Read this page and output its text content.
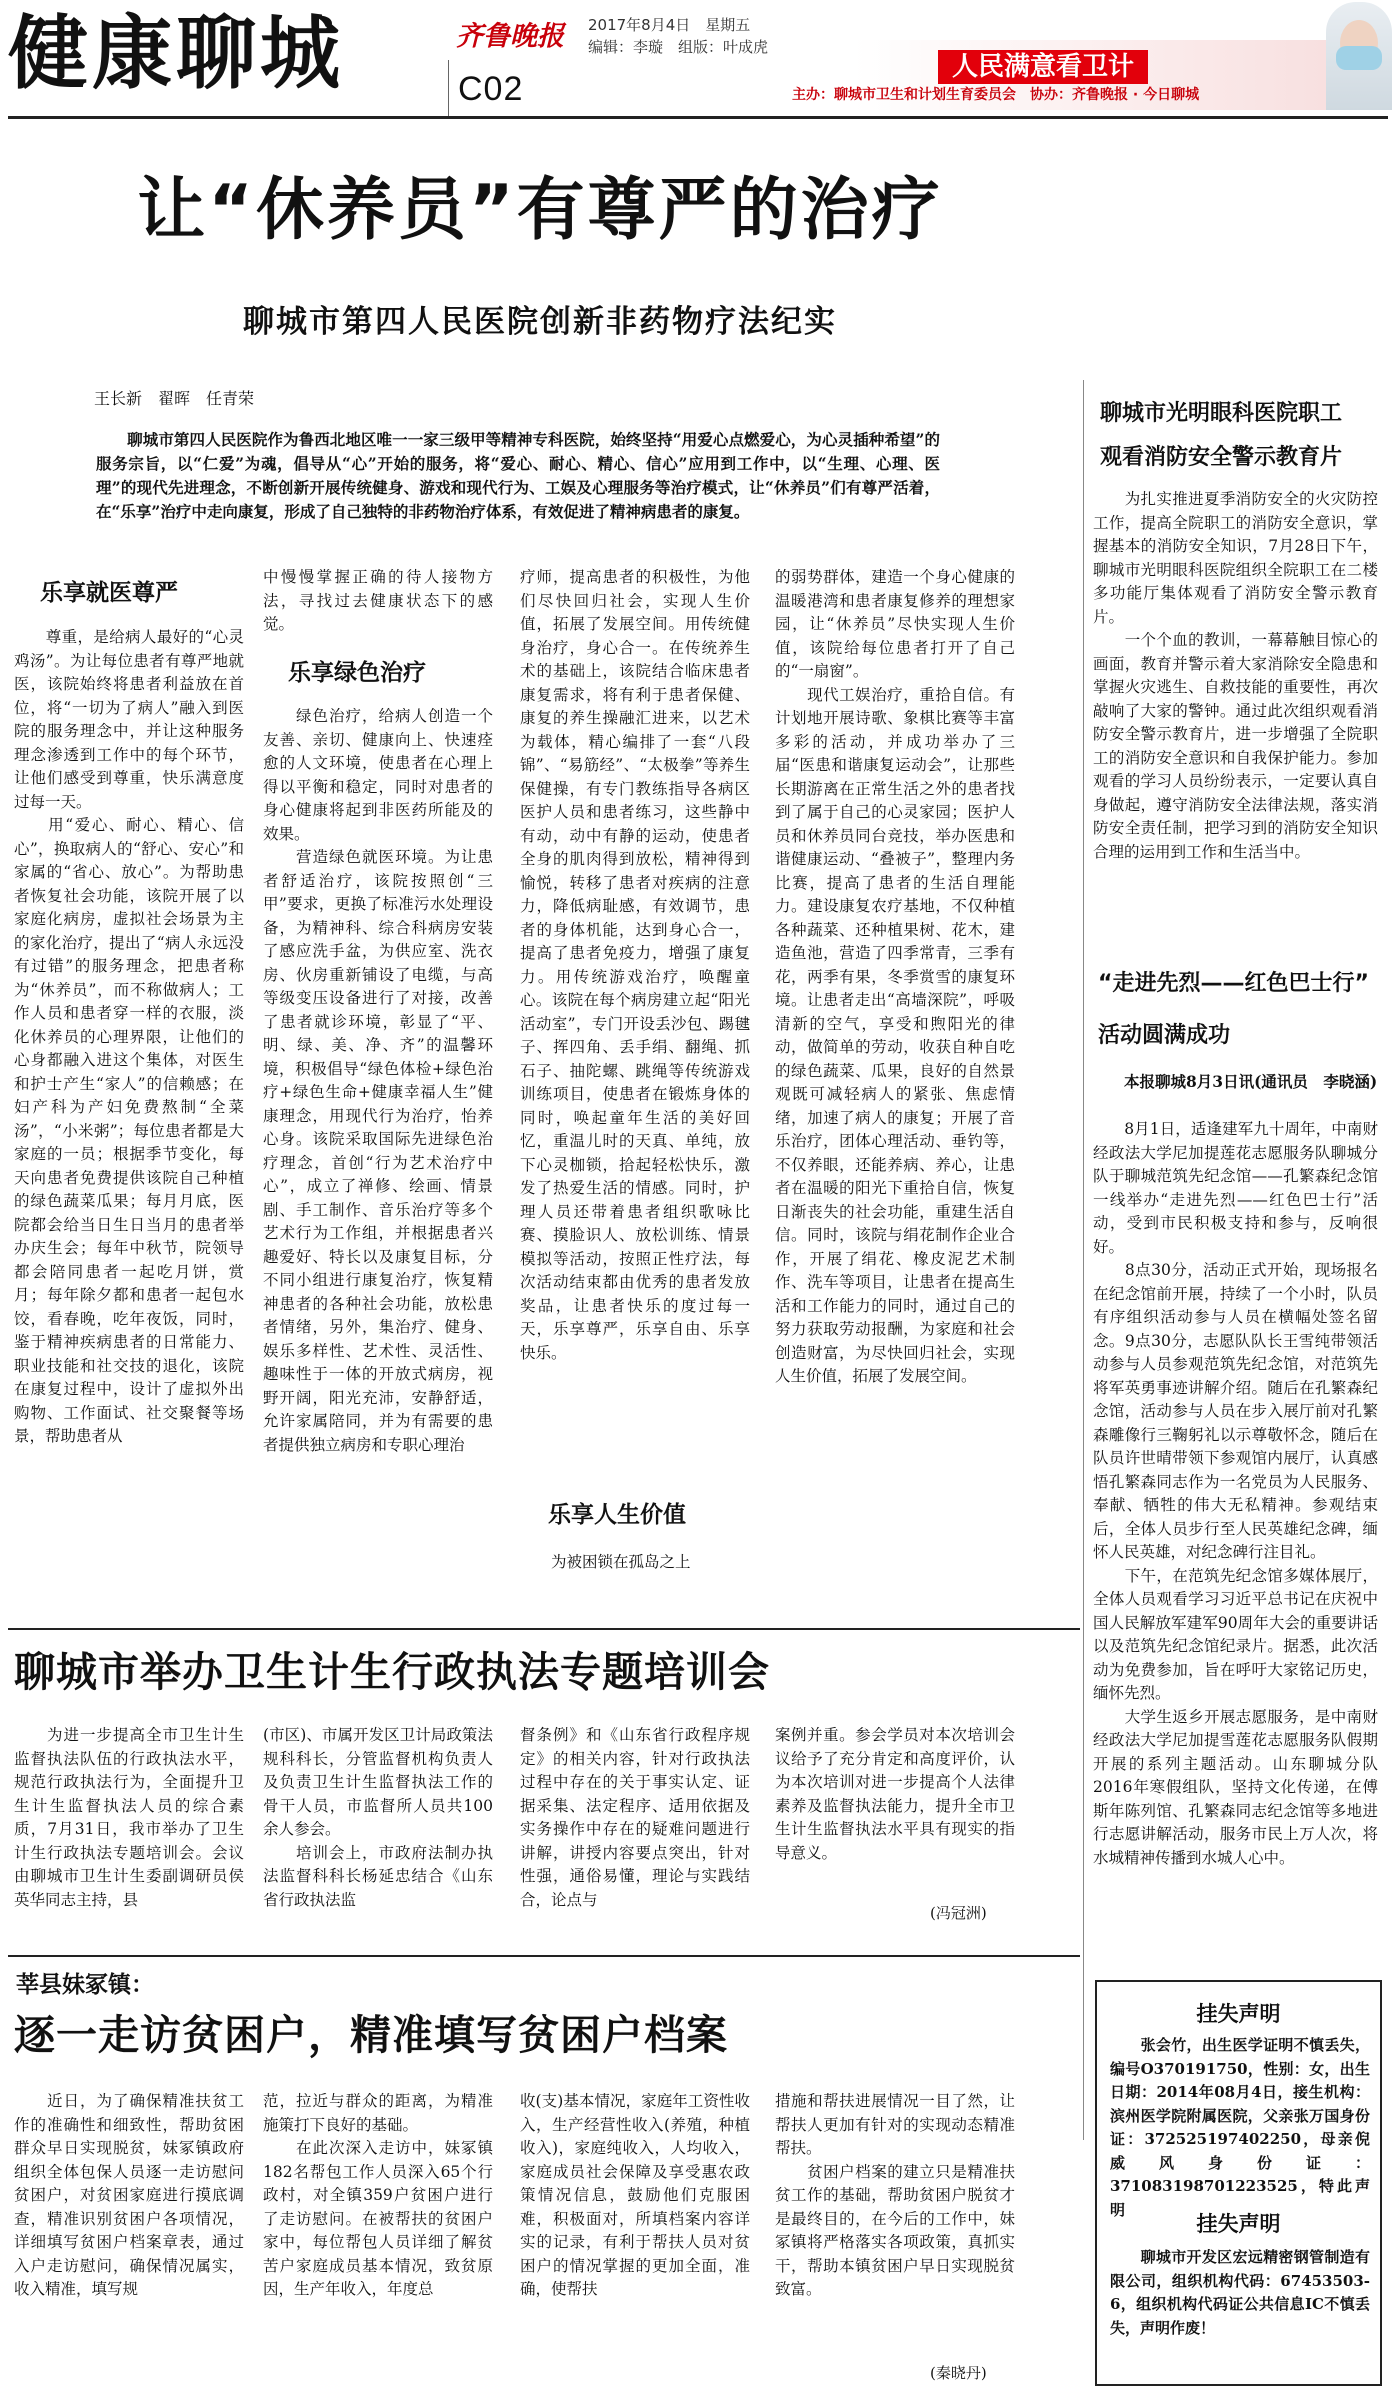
健康聊城	齐鲁晚报 2017年8月4日　星期五
编辑：李璇　组版：叶成虎
C02
人民满意看卫计
主办：聊城市卫生和计划生育委员会　协办：齐鲁晚报 · 今日聊城
让“休养员”有尊严的治疗
聊城市第四人民医院创新非药物疗法纪实
王长新　翟晖　任青荣
　　聊城市第四人民医院作为鲁西北地区唯一一家三级甲等精神专科医院，始终坚持“用爱心点燃爱心，为心灵插种希望”的服务宗旨，以“仁爱”为魂，倡导从“心”开始的服务，将“爱心、耐心、精心、信心”应用到工作中，以“生理、心理、医理”的现代先进理念，不断创新开展传统健身、游戏和现代行为、工娱及心理服务等治疗模式，让“休养员”们有尊严活着，在“乐享”治疗中走向康复，形成了自己独特的非药物治疗体系，有效促进了精神病患者的康复。
乐享就医尊严
　　尊重，是给病人最好的“心灵鸡汤”。为让每位患者有尊严地就医，该院始终将患者利益放在首位，将“一切为了病人”融入到医院的服务理念中，并让这种服务理念渗透到工作中的每个环节，让他们感受到尊重，快乐满意度过每一天。
　　用“爱心、耐心、精心、信心”，换取病人的“舒心、安心”和家属的“省心、放心”。为帮助患者恢复社会功能，该院开展了以家庭化病房，虚拟社会场景为主的家化治疗，提出了“病人永远没有过错”的服务理念，把患者称为“休养员”，而不称做病人；工作人员和患者穿一样的衣服，淡化休养员的心理界限，让他们的心身都融入进这个集体，对医生和护士产生“家人”的信赖感；在妇产科为产妇免费熬制“全菜汤”，“小米粥”；每位患者都是大家庭的一员；根据季节变化，每天向患者免费提供该院自己种植的绿色蔬菜瓜果；每月月底，医院都会给当日生日当月的患者举办庆生会；每年中秋节，院领导都会陪同患者一起吃月饼，赏月；每年除夕都和患者一起包水饺，看春晚，吃年夜饭，同时，鉴于精神疾病患者的日常能力、职业技能和社交技的退化，该院在康复过程中，设计了虚拟外出购物、工作面试、社交聚餐等场景，帮助患者从
中慢慢掌握正确的待人接物方法，寻找过去健康状态下的感觉。
乐享绿色治疗
　　绿色治疗，给病人创造一个友善、亲切、健康向上、快速痊愈的人文环境，使患者在心理上得以平衡和稳定，同时对患者的身心健康将起到非医药所能及的效果。
　　营造绿色就医环境。为让患者舒适治疗，该院按照创“三甲”要求，更换了标准污水处理设备，为精神科、综合科病房安装了感应洗手盆，为供应室、洗衣房、伙房重新铺设了电缆，与高等级变压设备进行了对接，改善了患者就诊环境，彰显了“平、明、绿、美、净、齐”的温馨环境，积极倡导“绿色体检+绿色治疗+绿色生命+健康幸福人生”健康理念，用现代行为治疗，怡养心身。该院采取国际先进绿色治疗理念，首创“行为艺术治疗中心”，成立了禅修、绘画、情景剧、手工制作、音乐治疗等多个艺术行为工作组，并根据患者兴趣爱好、特长以及康复目标，分不同小组进行康复治疗，恢复精神患者的各种社会功能，放松患者情绪，另外，集治疗、健身、娱乐多样性、艺术性、灵活性、趣味性于一体的开放式病房，视野开阔，阳光充沛，安静舒适，允许家属陪同，并为有需要的患者提供独立病房和专职心理治
疗师，提高患者的积极性，为他们尽快回归社会，实现人生价值，拓展了发展空间。用传统健身治疗，身心合一。在传统养生术的基础上，该院结合临床患者康复需求，将有利于患者保健、康复的养生操融汇进来，以艺术为载体，精心编排了一套“八段锦”、“易筋经”、“太极拳”等养生保健操，有专门教练指导各病区医护人员和患者练习，这些静中有动，动中有静的运动，使患者全身的肌肉得到放松，精神得到愉悦，转移了患者对疾病的注意力，降低病耻感，有效调节，患者的身体机能，达到身心合一，提高了患者免疫力，增强了康复力。用传统游戏治疗，唤醒童心。该院在每个病房建立起“阳光活动室”，专门开设丢沙包、踢毽子、挥四角、丢手绢、翻绳、抓石子、抽陀螺、跳绳等传统游戏训练项目，使患者在锻炼身体的同时，唤起童年生活的美好回忆，重温儿时的天真、单纯，放下心灵枷锁，拾起轻松快乐，激发了热爱生活的情感。同时，护理人员还带着患者组织歌咏比赛、摸脸识人、放松训练、情景模拟等活动，按照正性疗法，每次活动结束都由优秀的患者发放奖品，让患者快乐的度过每一天，乐享尊严，乐享自由、乐享快乐。
乐享人生价值
　　为被困锁在孤岛之上
的弱势群体，建造一个身心健康的温暖港湾和患者康复修养的理想家园，让“休养员”尽快实现人生价值，该院给每位患者打开了自己的“一扇窗”。
　　现代工娱治疗，重拾自信。有计划地开展诗歌、象棋比赛等丰富多彩的活动，并成功举办了三届“医患和谐康复运动会”，让那些长期游离在正常生活之外的患者找到了属于自己的心灵家园；医护人员和休养员同台竞技，举办医患和谐健康运动、“叠被子”，整理内务比赛，提高了患者的生活自理能力。建设康复农疗基地，不仅种植各种蔬菜、还种植果树、花木，建造鱼池，营造了四季常青，三季有花，两季有果，冬季赏雪的康复环境。让患者走出“高墙深院”，呼吸清新的空气，享受和煦阳光的律动，做简单的劳动，收获自种自吃的绿色蔬菜、瓜果，良好的自然景观既可减轻病人的紧张、焦虑情绪，加速了病人的康复；开展了音乐治疗，团体心理活动、垂钓等，不仅养眼，还能养病、养心，让患者在温暖的阳光下重拾自信，恢复日渐丧失的社会功能，重建生活自信。同时，该院与绢花制作企业合作，开展了绢花、橡皮泥艺术制作、洗车等项目，让患者在提高生活和工作能力的同时，通过自己的努力获取劳动报酬，为家庭和社会创造财富，为尽快回归社会，实现人生价值，拓展了发展空间。
聊城市光明眼科医院职工
观看消防安全警示教育片
　　为扎实推进夏季消防安全的火灾防控工作，提高全院职工的消防安全意识，掌握基本的消防安全知识，7月28日下午，聊城市光明眼科医院组织全院职工在二楼多功能厅集体观看了消防安全警示教育片。
　　一个个血的教训，一幕幕触目惊心的画面，教育并警示着大家消除安全隐患和掌握火灾逃生、自救技能的重要性，再次敲响了大家的警钟。通过此次组织观看消防安全警示教育片，进一步增强了全院职工的消防安全意识和自我保护能力。参加观看的学习人员纷纷表示，一定要认真自身做起，遵守消防安全法律法规，落实消防安全责任制，把学习到的消防安全知识合理的运用到工作和生活当中。
“走进先烈——红色巴士行”
活动圆满成功
　　本报聊城8月3日讯(通讯员　李晓涵)
　　8月1日，适逢建军九十周年，中南财经政法大学尼加提莲花志愿服务队聊城分队于聊城范筑先纪念馆——孔繁森纪念馆一线举办“走进先烈——红色巴士行”活动，受到市民积极支持和参与，反响很好。
　　8点30分，活动正式开始，现场报名在纪念馆前开展，持续了一个小时，队员有序组织活动参与人员在横幅处签名留念。9点30分，志愿队队长王雪纯带领活动参与人员参观范筑先纪念馆，对范筑先将军英勇事迹讲解介绍。随后在孔繁森纪念馆，活动参与人员在步入展厅前对孔繁森雕像行三鞠躬礼以示尊敬怀念，随后在队员许世晴带领下参观馆内展厅，认真感悟孔繁森同志作为一名党员为人民服务、奉献、牺牲的伟大无私精神。参观结束后，全体人员步行至人民英雄纪念碑，缅怀人民英雄，对纪念碑行注目礼。
　　下午，在范筑先纪念馆多媒体展厅，全体人员观看学习习近平总书记在庆祝中国人民解放军建军90周年大会的重要讲话以及范筑先纪念馆纪录片。据悉，此次活动为免费参加，旨在呼吁大家铭记历史，缅怀先烈。
　　大学生返乡开展志愿服务，是中南财经政法大学尼加提雪莲花志愿服务队假期开展的系列主题活动。山东聊城分队2016年寒假组队，坚持文化传递，在傅斯年陈列馆、孔繁森同志纪念馆等多地进行志愿讲解活动，服务市民上万人次，将水城精神传播到水城人心中。
挂失声明
　　张会竹，出生医学证明不慎丢失，编号O370191750，性别：女，出生日期：2014年08月4日，接生机构：滨州医学院附属医院，父亲张万国身份证：372525197402250，母亲倪威风身份证：371083198701223525，特此声明
挂失声明
　　聊城市开发区宏远精密钢管制造有限公司，组织机构代码：67453503-6，组织机构代码证公共信息IC不慎丢失，声明作废！
聊城市举办卫生计生行政执法专题培训会
　　为进一步提高全市卫生计生监督执法队伍的行政执法水平，规范行政执法行为，全面提升卫生计生监督执法人员的综合素质，7月31日，我市举办了卫生计生行政执法专题培训会。会议由聊城市卫生计生委副调研员侯英华同志主持，县
(市区)、市属开发区卫计局政策法规科科长，分管监督机构负责人及负责卫生计生监督执法工作的骨干人员，市监督所人员共100余人参会。
　　培训会上，市政府法制办执法监督科科长杨延忠结合《山东省行政执法监
督条例》和《山东省行政程序规定》的相关内容，针对行政执法过程中存在的关于事实认定、证据采集、法定程序、适用依据及实务操作中存在的疑难问题进行讲解，讲授内容要点突出，针对性强，通俗易懂，理论与实践结合，论点与
案例并重。参会学员对本次培训会议给予了充分肯定和高度评价，认为本次培训对进一步提高个人法律素养及监督执法能力，提升全市卫生计生监督执法水平具有现实的指导意义。
(冯冠洲)
莘县妹冢镇：
逐一走访贫困户，精准填写贫困户档案
　　近日，为了确保精准扶贫工作的准确性和细致性，帮助贫困群众早日实现脱贫，妹冢镇政府组织全体包保人员逐一走访慰问贫困户，对贫困家庭进行摸底调查，精准识别贫困户各项情况，详细填写贫困户档案章表，通过入户走访慰问，确保情况属实，收入精准，填写规
范，拉近与群众的距离，为精准施策打下良好的基础。
　　在此次深入走访中，妹冢镇182名帮包工作人员深入65个行政村，对全镇359户贫困户进行了走访慰问。在被帮扶的贫困户家中，每位帮包人员详细了解贫苦户家庭成员基本情况，致贫原因，生产年收入，年度总
收(支)基本情况，家庭年工资性收入，生产经营性收入(养殖，种植收入)，家庭纯收入，人均收入，家庭成员社会保障及享受惠农政策情况信息，鼓励他们克服困难，积极面对，所填档案内容详实的记录，有利于帮扶人员对贫困户的情况掌握的更加全面，准确，使帮扶
措施和帮扶进展情况一目了然，让帮扶人更加有针对的实现动态精准帮扶。
　　贫困户档案的建立只是精准扶贫工作的基础，帮助贫困户脱贫才是最终目的，在今后的工作中，妹冢镇将严格落实各项政策，真抓实干，帮助本镇贫困户早日实现脱贫致富。
(秦晓丹)
